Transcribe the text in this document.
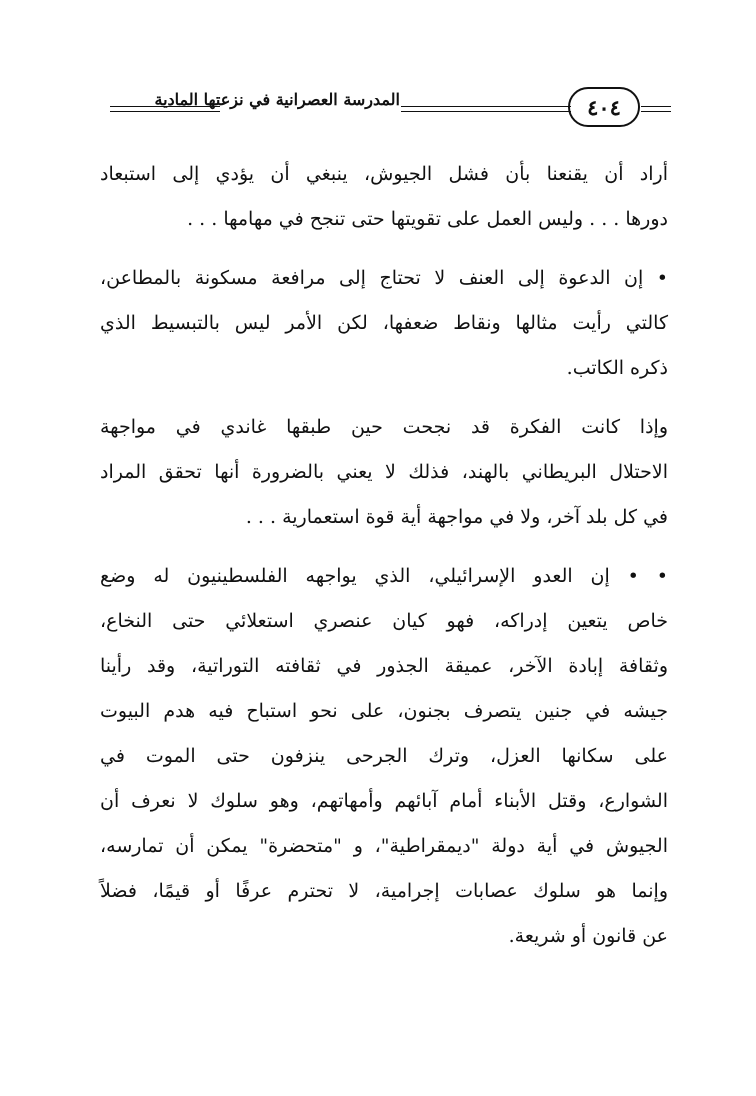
المدرسة العصرانية في نزعتها المادية	٤٠٤

أراد أن يقنعنا بأن فشل الجيوش، ينبغي أن يؤدي إلى استبعاد
دورها . . . وليس العمل على تقويتها حتى تنجح في مهامها . . .

• إن الدعوة إلى العنف لا تحتاج إلى مرافعة مسكونة بالمطاعن،
كالتي رأيت مثالها ونقاط ضعفها، لكن الأمر ليس بالتبسيط الذي
ذكره الكاتب.

وإذا كانت الفكرة قد نجحت حين طبقها غاندي في مواجهة
الاحتلال البريطاني بالهند، فذلك لا يعني بالضرورة أنها تحقق المراد
في كل بلد آخر، ولا في مواجهة أية قوة استعمارية . . .

• • إن العدو الإسرائيلي، الذي يواجهه الفلسطينيون له وضع
خاص يتعين إدراكه، فهو كيان عنصري استعلائي حتى النخاع،
وثقافة إبادة الآخر، عميقة الجذور في ثقافته التوراتية، وقد رأينا
جيشه في جنين يتصرف بجنون، على نحو استباح فيه هدم البيوت
على سكانها العزل، وترك الجرحى ينزفون حتى الموت في
الشوارع، وقتل الأبناء أمام آبائهم وأمهاتهم، وهو سلوك لا نعرف أن
الجيوش في أية دولة "ديمقراطية"، و "متحضرة" يمكن أن تمارسه،
وإنما هو سلوك عصابات إجرامية، لا تحترم عرفًا أو قيمًا، فضلاً
عن قانون أو شريعة.
